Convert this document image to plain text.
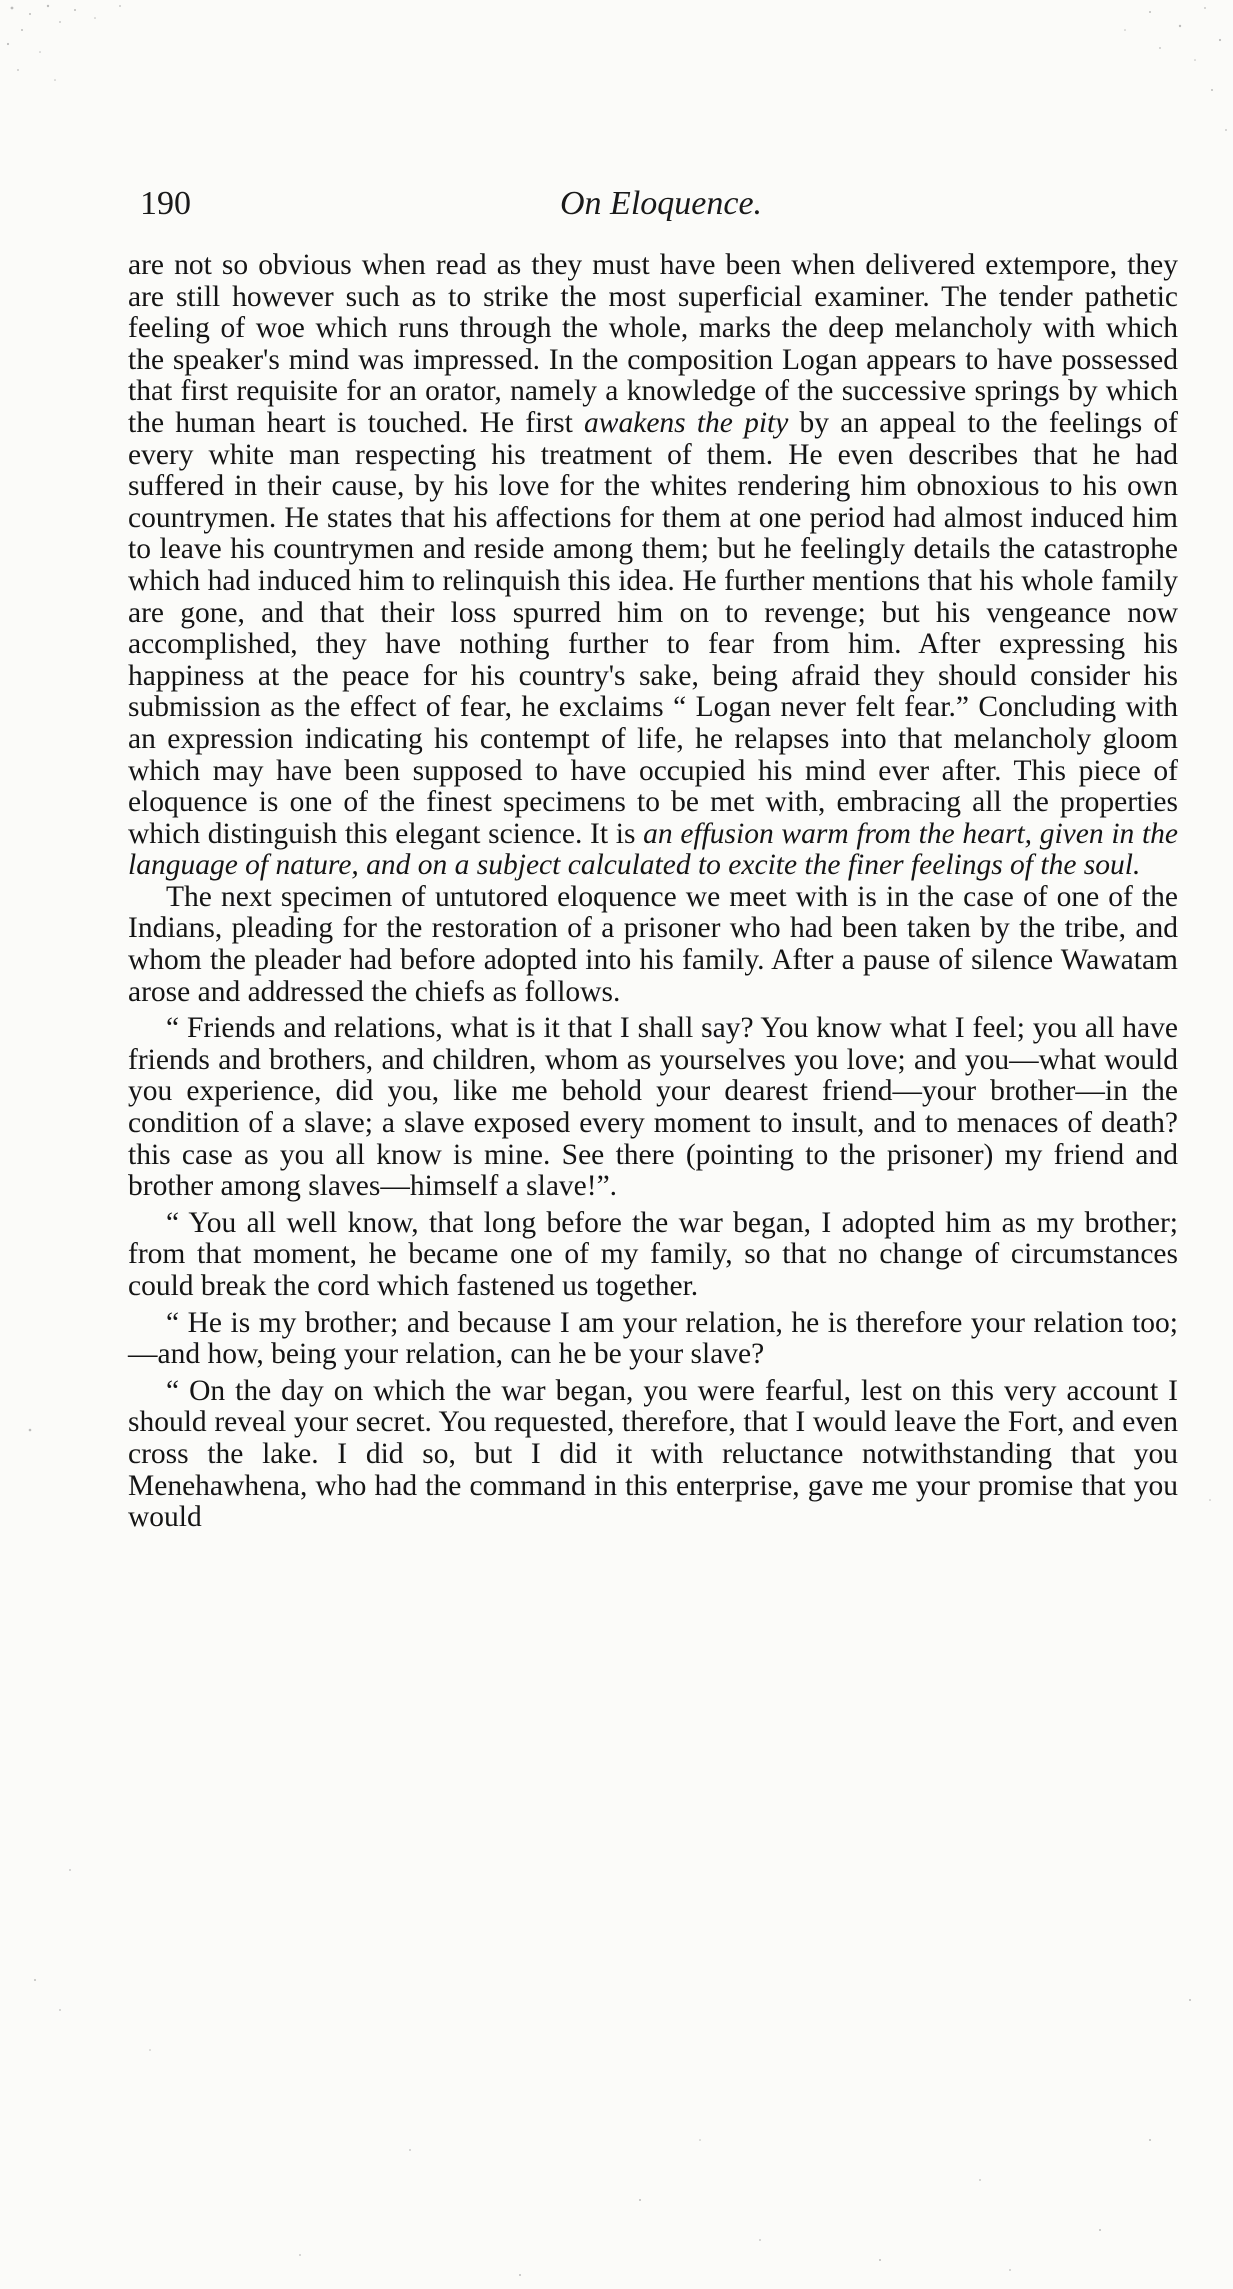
190	On Eloquence.

are not so obvious when read as they must have been when delivered extempore, they are still however such as to strike the most superficial examiner. The tender pathetic feeling of woe which runs through the whole, marks the deep melancholy with which the speaker's mind was impressed. In the composition Logan appears to have possessed that first requisite for an orator, namely a knowledge of the successive springs by which the human heart is touched. He first awakens the pity by an appeal to the feelings of every white man respecting his treatment of them. He even describes that he had suffered in their cause, by his love for the whites rendering him obnoxious to his own countrymen. He states that his affections for them at one period had almost induced him to leave his countrymen and reside among them; but he feelingly details the catastrophe which had induced him to relinquish this idea. He further mentions that his whole family are gone, and that their loss spurred him on to revenge; but his vengeance now accomplished, they have nothing further to fear from him. After expressing his happiness at the peace for his country's sake, being afraid they should consider his submission as the effect of fear, he exclaims “ Logan never felt fear.” Concluding with an expression indicating his contempt of life, he relapses into that melancholy gloom which may have been supposed to have occupied his mind ever after. This piece of eloquence is one of the finest specimens to be met with, embracing all the properties which distinguish this elegant science. It is an effusion warm from the heart, given in the language of nature, and on a subject calculated to excite the finer feelings of the soul.

The next specimen of untutored eloquence we meet with is in the case of one of the Indians, pleading for the restoration of a prisoner who had been taken by the tribe, and whom the pleader had before adopted into his family. After a pause of silence Wawatam arose and addressed the chiefs as follows.

“ Friends and relations, what is it that I shall say? You know what I feel; you all have friends and brothers, and children, whom as yourselves you love; and you—what would you experience, did you, like me behold your dearest friend—your brother—in the condition of a slave; a slave exposed every moment to insult, and to menaces of death? this case as you all know is mine. See there (pointing to the prisoner) my friend and brother among slaves—himself a slave!”.

“ You all well know, that long before the war began, I adopted him as my brother; from that moment, he became one of my family, so that no change of circumstances could break the cord which fastened us together.

“ He is my brother; and because I am your relation, he is therefore your relation too;—and how, being your relation, can he be your slave?

“ On the day on which the war began, you were fearful, lest on this very account I should reveal your secret. You requested, therefore, that I would leave the Fort, and even cross the lake. I did so, but I did it with reluctance notwithstanding that you Menehawhena, who had the command in this enterprise, gave me your promise that you would
